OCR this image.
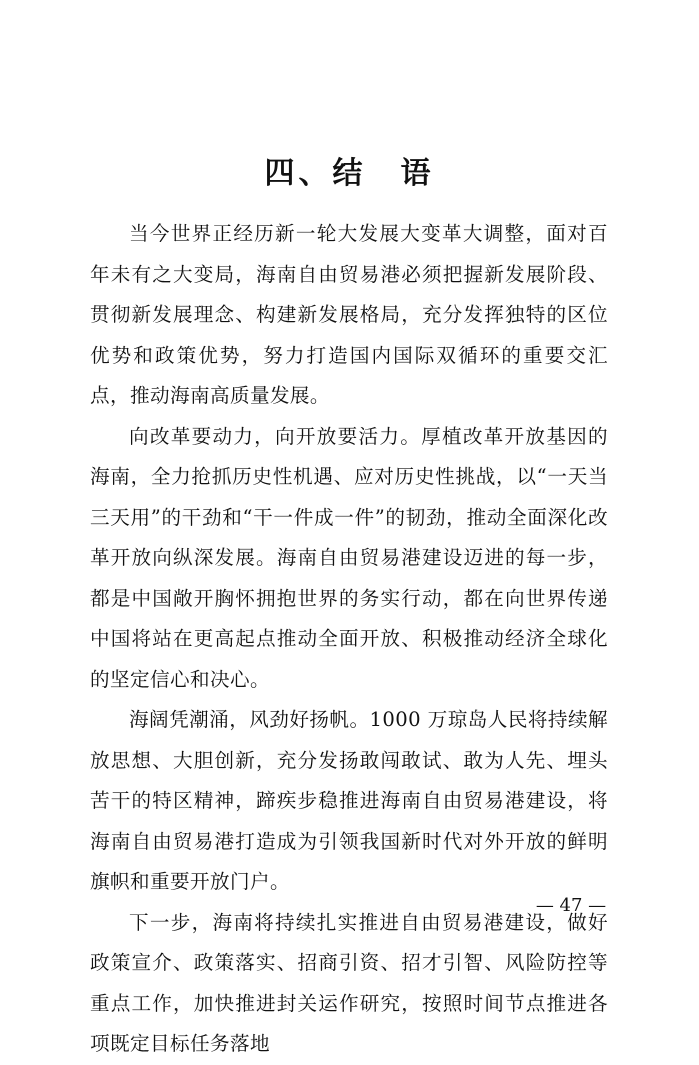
四、结　语

当今世界正经历新一轮大发展大变革大调整，面对百年未有之大变局，海南自由贸易港必须把握新发展阶段、贯彻新发展理念、构建新发展格局，充分发挥独特的区位优势和政策优势，努力打造国内国际双循环的重要交汇点，推动海南高质量发展。

向改革要动力，向开放要活力。厚植改革开放基因的海南，全力抢抓历史性机遇、应对历史性挑战，以“一天当三天用”的干劲和“干一件成一件”的韧劲，推动全面深化改革开放向纵深发展。海南自由贸易港建设迈进的每一步，都是中国敞开胸怀拥抱世界的务实行动，都在向世界传递中国将站在更高起点推动全面开放、积极推动经济全球化的坚定信心和决心。

海阔凭潮涌，风劲好扬帆。1000 万琼岛人民将持续解放思想、大胆创新，充分发扬敢闯敢试、敢为人先、埋头苦干的特区精神，蹄疾步稳推进海南自由贸易港建设，将海南自由贸易港打造成为引领我国新时代对外开放的鲜明旗帜和重要开放门户。

下一步，海南将持续扎实推进自由贸易港建设，做好政策宣介、政策落实、招商引资、招才引智、风险防控等重点工作，加快推进封关运作研究，按照时间节点推进各项既定目标任务落地

— 47 —
